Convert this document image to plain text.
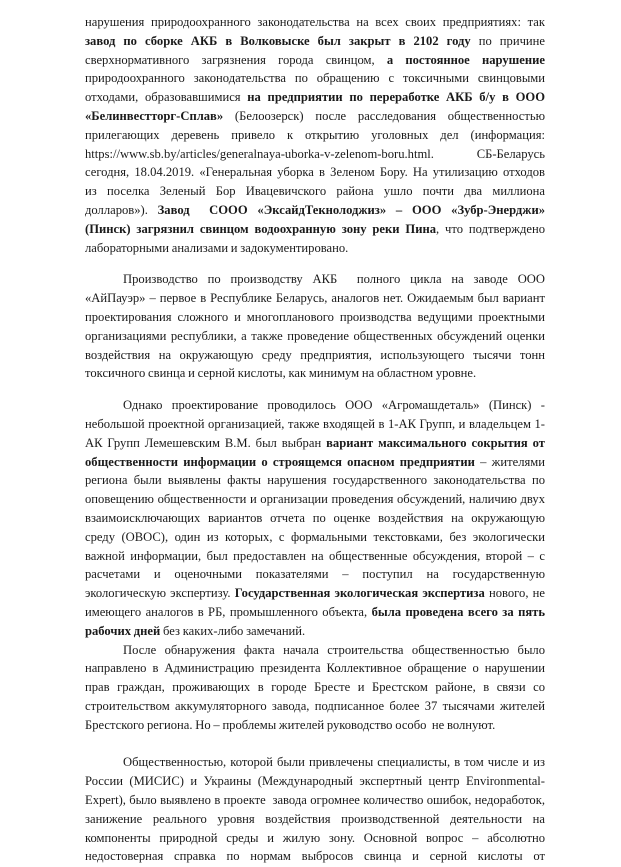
нарушения природоохранного законодательства на всех своих предприятиях: так
завод по сборке АКБ в Волковыске был закрыт в 2102 году по причине
сверхнормативного загрязнения города свинцом, а постоянное нарушение
природоохранного законодательства по обращению с токсичными свинцовыми
отходами, образовавшимися на предприятии по переработке АКБ б/у в ООО
«Белинвестторг-Сплав» (Белоозерск) после расследования общественностью
прилегающих деревень привело к открытию уголовных дел (информация:
https://www.sb.by/articles/generalnaya-uborka-v-zelenom-boru.html. СБ-Беларусь
сегодня, 18.04.2019. «Генеральная уборка в Зеленом Бору. На утилизацию отходов
из поселка Зеленый Бор Ивацевичского района ушло почти два миллиона
долларов»). Завод  СООО «ЭксайдТекнолоджиз» – ООО «Зубр-Энерджи»
(Пинск) загрязнил свинцом водоохранную зону реки Пина, что подтверждено
лабораторными анализами и задокументировано.
Производство по производству АКБ  полного цикла на заводе ООО
«АйПауэр» – первое в Республике Беларусь, аналогов нет. Ожидаемым был вариант
проектирования сложного и многопланового производства ведущими проектными
организациями республики, а также проведение общественных обсуждений оценки
воздействия на окружающую среду предприятия, использующего тысячи тонн
токсичного свинца и серной кислоты, как минимум на областном уровне.
Однако проектирование проводилось ООО «Агромашдеталь» (Пинск) -
небольшой проектной организацией, также входящей в 1-АК Групп, и владельцем 1-
АК Групп Лемешевским В.М. был выбран вариант максимального сокрытия от
общественности информации о строящемся опасном предприятии – жителями
региона были выявлены факты нарушения государственного законодательства по
оповещению общественности и организации проведения обсуждений, наличию двух
взаимоисключающих вариантов отчета по оценке воздействия на окружающую
среду (ОВОС), один из которых, с формальными текстовками, без экологически
важной информации, был предоставлен на общественные обсуждения, второй – с
расчетами и оценочными показателями – поступил на государственную
экологическую экспертизу. Государственная экологическая экспертиза нового, не
имеющего аналогов в РБ, промышленного объекта, была проведена всего за пять
рабочих дней без каких-либо замечаний.
После обнаружения факта начала строительства общественностью было
направлено в Администрацию президента Коллективное обращение о нарушении
прав граждан, проживающих в городе Бресте и Брестском районе, в связи со
строительством аккумуляторного завода, подписанное более 37 тысячами жителей
Брестского региона. Но – проблемы жителей руководство особо  не волнуют.
Общественностью, которой были привлечены специалисты, в том числе и из
России (МИСИС) и Украины (Международный экспертный центр Environmental-
Expert), было выявлено в проекте  завода огромнее количество ошибок, недоработок,
занижение реального уровня воздействия производственной деятельности на
компоненты природной среды и жилую зону. Основной вопрос – абсолютно
недостоверная справка по нормам выбросов свинца и серной кислоты от
